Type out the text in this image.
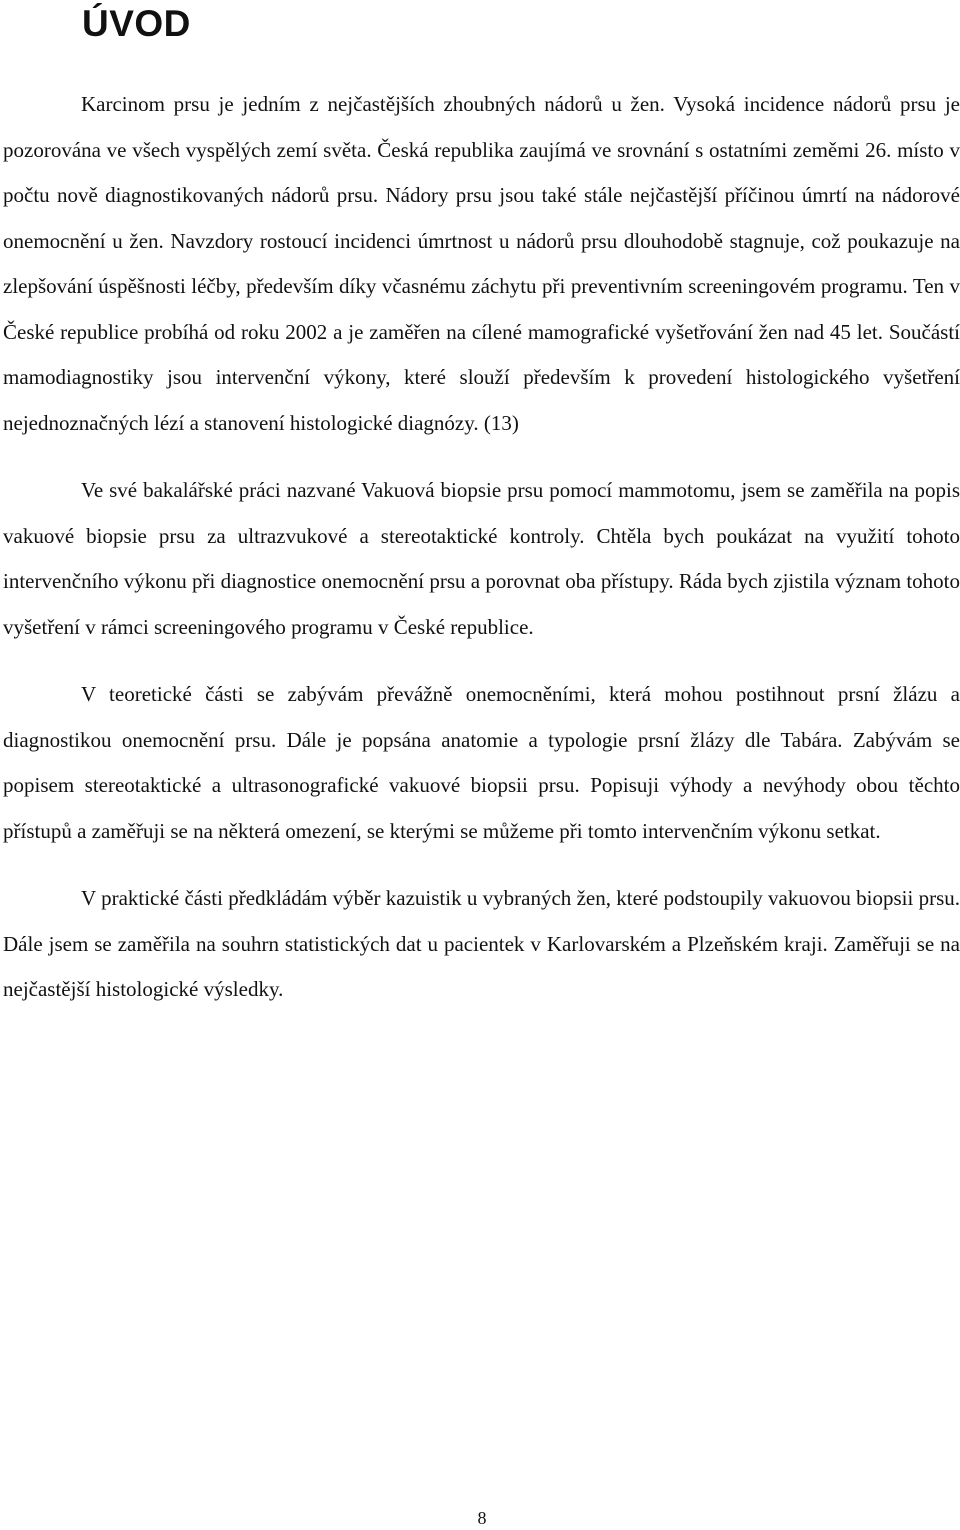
ÚVOD

Karcinom prsu je jedním z nejčastějších zhoubných nádorů u žen. Vysoká incidence nádorů prsu je pozorována ve všech vyspělých zemí světa. Česká republika zaujímá ve srovnání s ostatními zeměmi 26. místo v počtu nově diagnostikovaných nádorů prsu. Nádory prsu jsou také stále nejčastější příčinou úmrtí na nádorové onemocnění u žen. Navzdory rostoucí incidenci úmrtnost u nádorů prsu dlouhodobě stagnuje, což poukazuje na zlepšování úspěšnosti léčby, především díky včasnému záchytu při preventivním screeningovém programu. Ten v České republice probíhá od roku 2002 a je zaměřen na cílené mamografické vyšetřování žen nad 45 let. Součástí mamodiagnostiky jsou intervenční výkony, které slouží především k provedení histologického vyšetření nejednoznačných lézí a stanovení histologické diagnózy. (13)

Ve své bakalářské práci nazvané Vakuová biopsie prsu pomocí mammotomu, jsem se zaměřila na popis vakuové biopsie prsu za ultrazvukové a stereotaktické kontroly. Chtěla bych poukázat na využití tohoto intervenčního výkonu při diagnostice onemocnění prsu a porovnat oba přístupy. Ráda bych zjistila význam tohoto vyšetření v rámci screeningového programu v České republice.

V teoretické části se zabývám převážně onemocněními, která mohou postihnout prsní žlázu a diagnostikou onemocnění prsu. Dále je popsána anatomie a typologie prsní žlázy dle Tabára. Zabývám se popisem stereotaktické a ultrasonografické vakuové biopsii prsu. Popisuji výhody a nevýhody obou těchto přístupů a zaměřuji se na některá omezení, se kterými se můžeme při tomto intervenčním výkonu setkat.

V praktické části předkládám výběr kazuistik u vybraných žen, které podstoupily vakuovou biopsii prsu. Dále jsem se zaměřila na souhrn statistických dat u pacientek v Karlovarském a Plzeňském kraji. Zaměřuji se na nejčastější histologické výsledky.

8
